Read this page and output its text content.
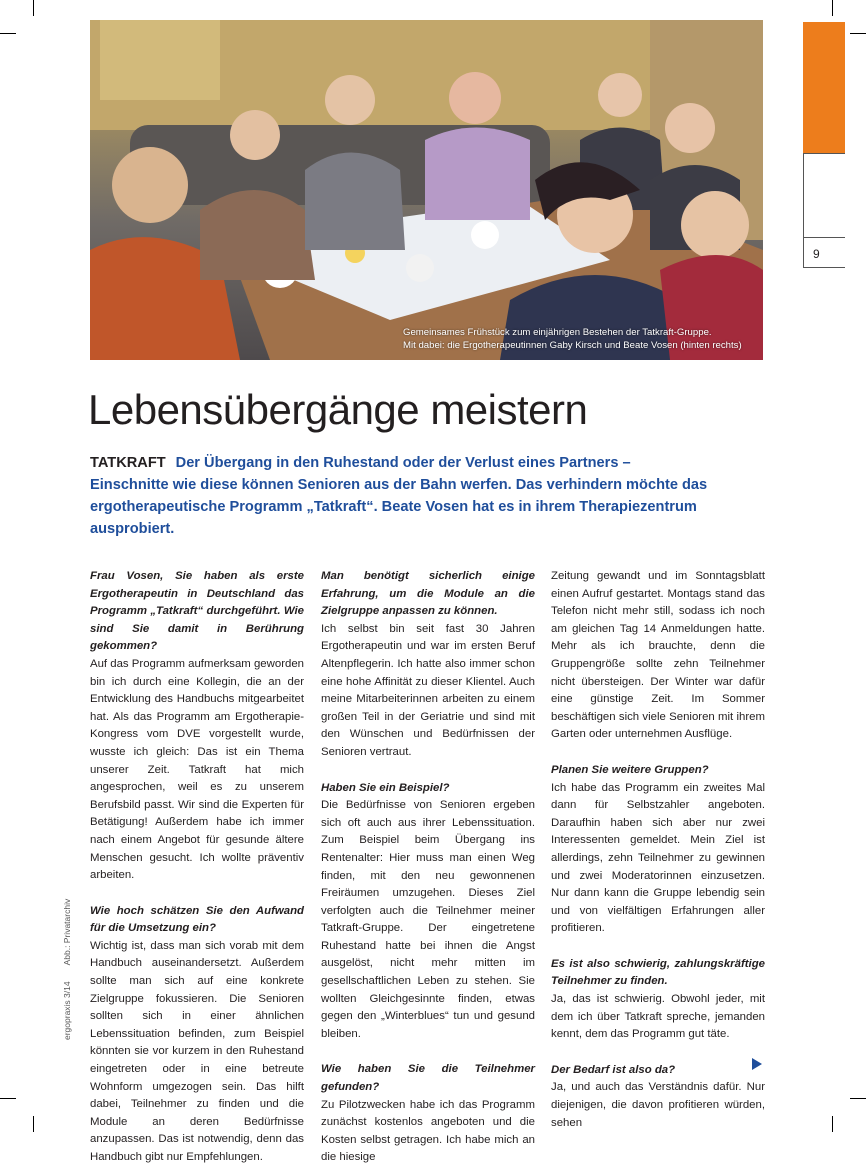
Gemeinsames Frühstück zum einjährigen Bestehen der Tatkraft-Gruppe.
Mit dabei: die Ergotherapeutinnen Gaby Kirsch und Beate Vosen (hinten rechts)
9
Lebensübergänge meistern
TATKRAFT Der Übergang in den Ruhestand oder der Verlust eines Partners – Einschnitte wie diese können Senioren aus der Bahn werfen. Das verhindern möchte das ergotherapeutische Programm „Tatkraft“. Beate Vosen hat es in ihrem Therapiezentrum ausprobiert.

Frau Vosen, Sie haben als erste Ergotherapeutin in Deutschland das Programm „Tatkraft“ durchgeführt. Wie sind Sie damit in Berührung gekommen?

Auf das Programm aufmerksam geworden bin ich durch eine Kollegin, die an der Entwicklung des Handbuchs mitgearbeitet hat. Als das Programm am Ergotherapie-Kongress vom DVE vorgestellt wurde, wusste ich gleich: Das ist ein Thema unserer Zeit. Tatkraft hat mich angesprochen, weil es zu unserem Berufsbild passt. Wir sind die Experten für Betätigung! Außerdem habe ich immer nach einem Angebot für gesunde ältere Menschen gesucht. Ich wollte präventiv arbeiten.

Wie hoch schätzen Sie den Aufwand für die Umsetzung ein?

Wichtig ist, dass man sich vorab mit dem Handbuch auseinandersetzt. Außerdem sollte man sich auf eine konkrete Zielgruppe fokussieren. Die Senioren sollten sich in einer ähnlichen Lebenssituation befinden, zum Beispiel könnten sie vor kurzem in den Ruhestand eingetreten oder in eine betreute Wohnform umgezogen sein. Das hilft dabei, Teilnehmer zu finden und die Module an deren Bedürfnisse anzupassen. Das ist notwendig, denn das Handbuch gibt nur Empfehlungen.

Man benötigt sicherlich einige Erfahrung, um die Module an die Zielgruppe anpassen zu können.

Ich selbst bin seit fast 30 Jahren Ergotherapeutin und war im ersten Beruf Altenpflegerin. Ich hatte also immer schon eine hohe Affinität zu dieser Klientel. Auch meine Mitarbeiterinnen arbeiten zu einem großen Teil in der Geriatrie und sind mit den Wünschen und Bedürfnissen der Senioren vertraut.

Haben Sie ein Beispiel?

Die Bedürfnisse von Senioren ergeben sich oft auch aus ihrer Lebenssituation. Zum Beispiel beim Übergang ins Rentenalter: Hier muss man einen Weg finden, mit den neu gewonnenen Freiräumen umzugehen. Dieses Ziel verfolgten auch die Teilnehmer meiner Tatkraft-Gruppe. Der eingetretene Ruhestand hatte bei ihnen die Angst ausgelöst, nicht mehr mitten im gesellschaftlichen Leben zu stehen. Sie wollten Gleichgesinnte finden, etwas gegen den „Winterblues“ tun und gesund bleiben.

Wie haben Sie die Teilnehmer gefunden?

Zu Pilotzwecken habe ich das Programm zunächst kostenlos angeboten und die Kosten selbst getragen. Ich habe mich an die hiesige

Zeitung gewandt und im Sonntagsblatt einen Aufruf gestartet. Montags stand das Telefon nicht mehr still, sodass ich noch am gleichen Tag 14 Anmeldungen hatte. Mehr als ich brauchte, denn die Gruppengröße sollte zehn Teilnehmer nicht übersteigen. Der Winter war dafür eine günstige Zeit. Im Sommer beschäftigen sich viele Senioren mit ihrem Garten oder unternehmen Ausflüge.

Planen Sie weitere Gruppen?

Ich habe das Programm ein zweites Mal dann für Selbstzahler angeboten. Daraufhin haben sich aber nur zwei Interessenten gemeldet. Mein Ziel ist allerdings, zehn Teilnehmer zu gewinnen und zwei Moderatorinnen einzusetzen. Nur dann kann die Gruppe lebendig sein und von vielfältigen Erfahrungen aller profitieren.

Es ist also schwierig, zahlungskräftige Teilnehmer zu finden.

Ja, das ist schwierig. Obwohl jeder, mit dem ich über Tatkraft spreche, jemanden kennt, dem das Programm gut täte.

Der Bedarf ist also da?

Ja, und auch das Verständnis dafür. Nur diejenigen, die davon profitieren würden, sehen

ergopraxis 3/14Abb.: Privatarchiv
